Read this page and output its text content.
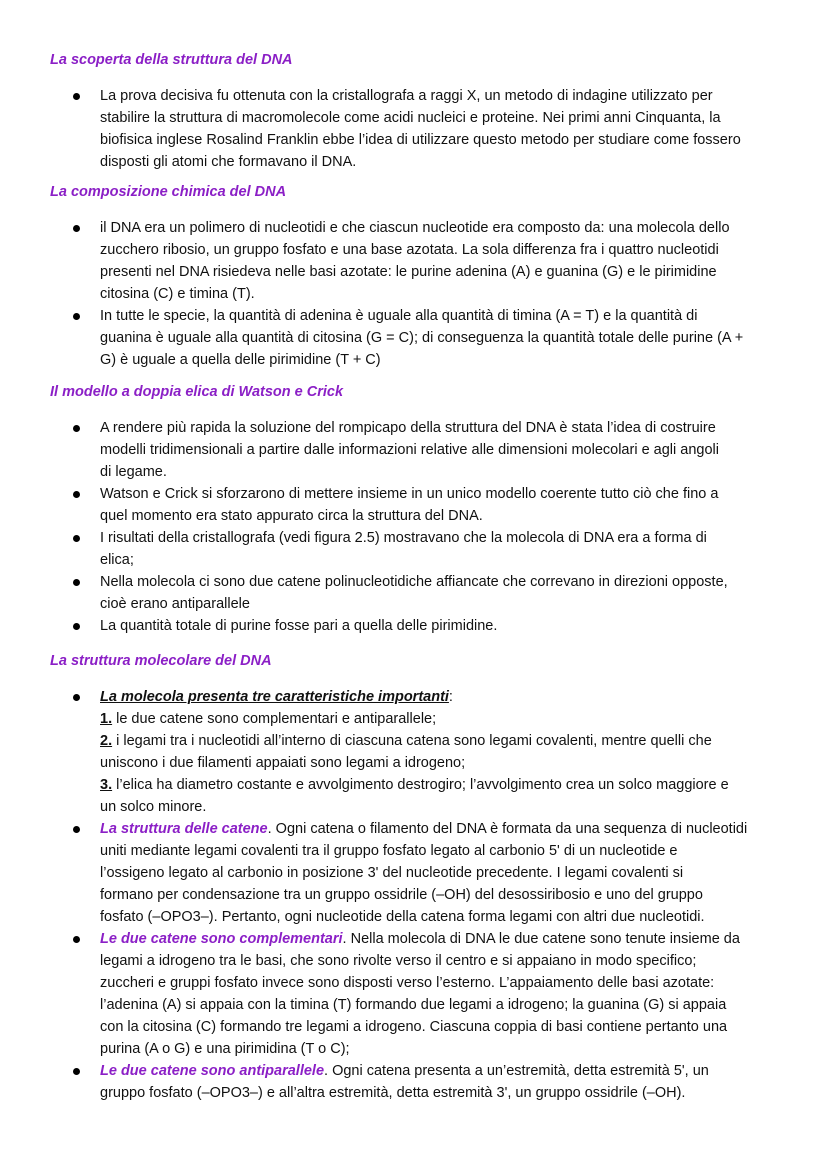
La scoperta della struttura del DNA
La prova decisiva fu ottenuta con la cristallografa a raggi X, un metodo di indagine utilizzato per
stabilire la struttura di macromolecole come acidi nucleici e proteine. Nei primi anni Cinquanta, la
biofisica inglese Rosalind Franklin ebbe l’idea di utilizzare questo metodo per studiare come fossero
disposti gli atomi che formavano il DNA.
La composizione chimica del DNA
il DNA era un polimero di nucleotidi e che ciascun nucleotide era composto da: una molecola dello
zucchero ribosio, un gruppo fosfato e una base azotata. La sola differenza fra i quattro nucleotidi
presenti nel DNA risiedeva nelle basi azotate: le purine adenina (A) e guanina (G) e le pirimidine
citosina (C) e timina (T).
In tutte le specie, la quantità di adenina è uguale alla quantità di timina (A = T) e la quantità di
guanina è uguale alla quantità di citosina (G = C); di conseguenza la quantità totale delle purine (A +
G) è uguale a quella delle pirimidine (T + C)
Il modello a doppia elica di Watson e Crick
A rendere più rapida la soluzione del rompicapo della struttura del DNA è stata l’idea di costruire
modelli tridimensionali a partire dalle informazioni relative alle dimensioni molecolari e agli angoli
di legame.
Watson e Crick si sforzarono di mettere insieme in un unico modello coerente tutto ciò che fino a
quel momento era stato appurato circa la struttura del DNA.
I risultati della cristallografa (vedi figura 2.5) mostravano che la molecola di DNA era a forma di
elica;
Nella molecola ci sono due catene polinucleotidiche affiancate che correvano in direzioni opposte,
cioè erano antiparallele
La quantità totale di purine fosse pari a quella delle pirimidine.
La struttura molecolare del DNA
La molecola presenta tre caratteristiche importanti:
1. le due catene sono complementari e antiparallele;
2. i legami tra i nucleotidi all’interno di ciascuna catena sono legami covalenti, mentre quelli che
uniscono i due filamenti appaiati sono legami a idrogeno;
3. l’elica ha diametro costante e avvolgimento destrogiro; l’avvolgimento crea un solco maggiore e
un solco minore.
La struttura delle catene. Ogni catena o filamento del DNA è formata da una sequenza di nucleotidi
uniti mediante legami covalenti tra il gruppo fosfato legato al carbonio 5' di un nucleotide e
l’ossigeno legato al carbonio in posizione 3' del nucleotide precedente. I legami covalenti si
formano per condensazione tra un gruppo ossidrile (–OH) del desossiribosio e uno del gruppo
fosfato (–OPO3–). Pertanto, ogni nucleotide della catena forma legami con altri due nucleotidi.
Le due catene sono complementari. Nella molecola di DNA le due catene sono tenute insieme da
legami a idrogeno tra le basi, che sono rivolte verso il centro e si appaiano in modo specifico;
zuccheri e gruppi fosfato invece sono disposti verso l’esterno. L’appaiamento delle basi azotate:
l’adenina (A) si appaia con la timina (T) formando due legami a idrogeno; la guanina (G) si appaia
con la citosina (C) formando tre legami a idrogeno. Ciascuna coppia di basi contiene pertanto una
purina (A o G) e una pirimidina (T o C);
Le due catene sono antiparallele. Ogni catena presenta a un’estremità, detta estremità 5', un
gruppo fosfato (–OPO3–) e all’altra estremità, detta estremità 3', un gruppo ossidrile (–OH).
